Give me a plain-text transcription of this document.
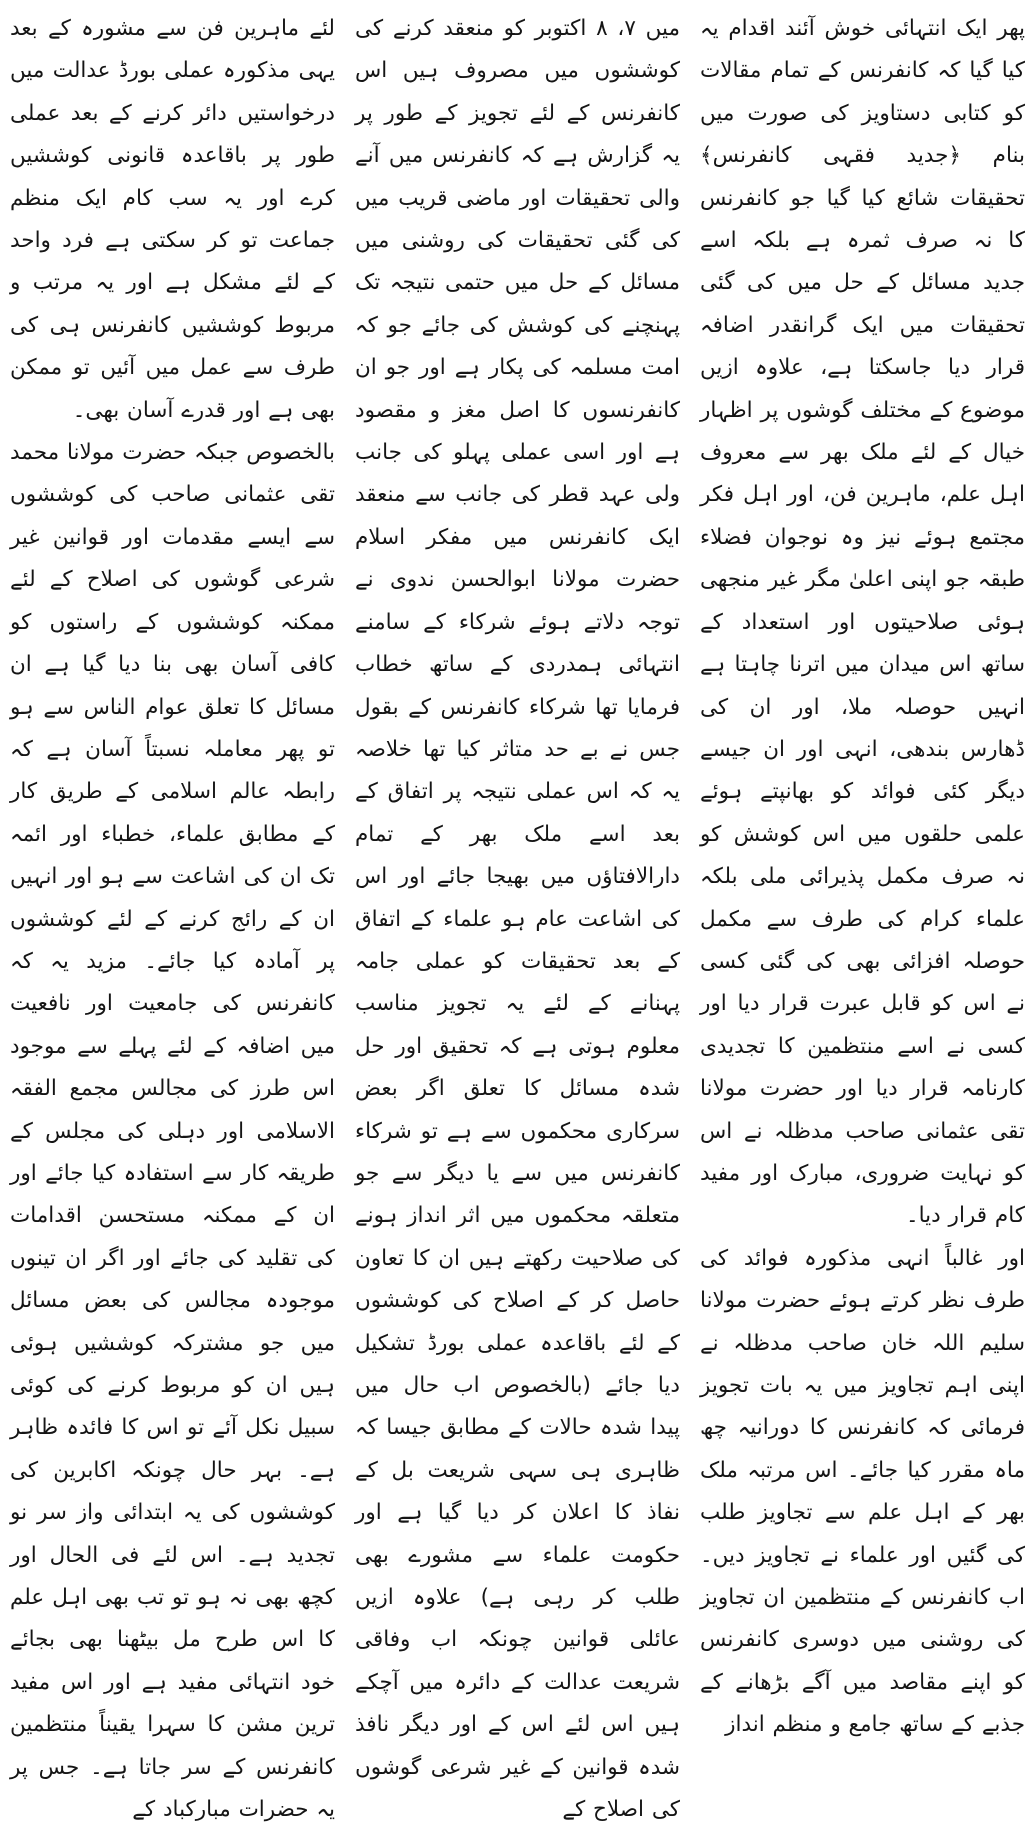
پھر ایک انتہائی خوش آئند اقدام یہ کیا گیا کہ کانفرنس کے تمام مقالات کو کتابی دستاویز کی صورت میں بنام ﴿جدید فقہی کانفرنس﴾ تحقیقات شائع کیا گیا جو کانفرنس کا نہ صرف ثمرہ ہے بلکہ اسے جدید مسائل کے حل میں کی گئی تحقیقات میں ایک گرانقدر اضافہ قرار دیا جاسکتا ہے، علاوہ ازیں موضوع کے مختلف گوشوں پر اظہار خیال کے لئے ملک بھر سے معروف اہل علم، ماہرین فن، اور اہل فکر مجتمع ہوئے نیز وہ نوجوان فضلاء طبقہ جو اپنی اعلیٰ مگر غیر منجھی ہوئی صلاحیتوں اور استعداد کے ساتھ اس میدان میں اترنا چاہتا ہے انہیں حوصلہ ملا، اور ان کی ڈھارس بندھی، انہی اور ان جیسے دیگر کئی فوائد کو بھانپتے ہوئے علمی حلقوں میں اس کوشش کو نہ صرف مکمل پذیرائی ملی بلکہ علماء کرام کی طرف سے مکمل حوصلہ افزائی بھی کی گئی کسی نے اس کو قابل عبرت قرار دیا اور کسی نے اسے منتظمین کا تجدیدی کارنامہ قرار دیا اور حضرت مولانا تقی عثمانی صاحب مدظلہ نے اس کو نہایت ضروری، مبارک اور مفید کام قرار دیا۔

اور غالباً انہی مذکورہ فوائد کی طرف نظر کرتے ہوئے حضرت مولانا سلیم اللہ خان صاحب مدظلہ نے اپنی اہم تجاویز میں یہ بات تجویز فرمائی کہ کانفرنس کا دورانیہ چھ ماہ مقرر کیا جائے۔ اس مرتبہ ملک بھر کے اہل علم سے تجاویز طلب کی گئیں اور علماء نے تجاویز دیں۔ اب کانفرنس کے منتظمین ان تجاویز کی روشنی میں دوسری کانفرنس کو اپنے مقاصد میں آگے بڑھانے کے جذبے کے ساتھ جامع و منظم انداز

میں ۷، ۸ اکتوبر کو منعقد کرنے کی کوششوں میں مصروف ہیں اس کانفرنس کے لئے تجویز کے طور پر یہ گزارش ہے کہ کانفرنس میں آنے والی تحقیقات اور ماضی قریب میں کی گئی تحقیقات کی روشنی میں مسائل کے حل میں حتمی نتیجہ تک پہنچنے کی کوشش کی جائے جو کہ امت مسلمہ کی پکار ہے اور جو ان کانفرنسوں کا اصل مغز و مقصود ہے اور اسی عملی پہلو کی جانب ولی عہد قطر کی جانب سے منعقد ایک کانفرنس میں مفکر اسلام حضرت مولانا ابوالحسن ندوی نے توجہ دلاتے ہوئے شرکاء کے سامنے انتہائی ہمدردی کے ساتھ خطاب فرمایا تھا شرکاء کانفرنس کے بقول جس نے بے حد متاثر کیا تھا خلاصہ یہ کہ اس عملی نتیجہ پر اتفاق کے بعد اسے ملک بھر کے تمام دارالافتاؤں میں بھیجا جائے اور اس کی اشاعت عام ہو علماء کے اتفاق کے بعد تحقیقات کو عملی جامہ پہنانے کے لئے یہ تجویز مناسب معلوم ہوتی ہے کہ تحقیق اور حل شدہ مسائل کا تعلق اگر بعض سرکاری محکموں سے ہے تو شرکاء کانفرنس میں سے یا دیگر سے جو متعلقہ محکموں میں اثر انداز ہونے کی صلاحیت رکھتے ہیں ان کا تعاون حاصل کر کے اصلاح کی کوششوں کے لئے باقاعدہ عملی بورڈ تشکیل دیا جائے (بالخصوص اب حال میں پیدا شدہ حالات کے مطابق جیسا کہ ظاہری ہی سہی شریعت بل کے نفاذ کا اعلان کر دیا گیا ہے اور حکومت علماء سے مشورے بھی طلب کر رہی ہے) علاوہ ازیں عائلی قوانین چونکہ اب وفاقی شریعت عدالت کے دائرہ میں آچکے ہیں اس لئے اس کے اور دیگر نافذ شدہ قوانین کے غیر شرعی گوشوں کی اصلاح کے

لئے ماہرین فن سے مشورہ کے بعد یہی مذکورہ عملی بورڈ عدالت میں درخواستیں دائر کرنے کے بعد عملی طور پر باقاعدہ قانونی کوششیں کرے اور یہ سب کام ایک منظم جماعت تو کر سکتی ہے فرد واحد کے لئے مشکل ہے اور یہ مرتب و مربوط کوششیں کانفرنس ہی کی طرف سے عمل میں آئیں تو ممکن بھی ہے اور قدرے آسان بھی۔

بالخصوص جبکہ حضرت مولانا محمد تقی عثمانی صاحب کی کوششوں سے ایسے مقدمات اور قوانین غیر شرعی گوشوں کی اصلاح کے لئے ممکنہ کوششوں کے راستوں کو کافی آسان بھی بنا دیا گیا ہے ان مسائل کا تعلق عوام الناس سے ہو تو پھر معاملہ نسبتاً آسان ہے کہ رابطہ عالم اسلامی کے طریق کار کے مطابق علماء، خطباء اور ائمہ تک ان کی اشاعت سے ہو اور انہیں ان کے رائج کرنے کے لئے کوششوں پر آمادہ کیا جائے۔ مزید یہ کہ کانفرنس کی جامعیت اور نافعیت میں اضافہ کے لئے پہلے سے موجود اس طرز کی مجالس مجمع الفقہ الاسلامی اور دہلی کی مجلس کے طریقہ کار سے استفادہ کیا جائے اور ان کے ممکنہ مستحسن اقدامات کی تقلید کی جائے اور اگر ان تینوں موجودہ مجالس کی بعض مسائل میں جو مشترکہ کوششیں ہوئی ہیں ان کو مربوط کرنے کی کوئی سبیل نکل آئے تو اس کا فائدہ ظاہر ہے۔ بہر حال چونکہ اکابرین کی کوششوں کی یہ ابتدائی واز سر نو تجدید ہے۔ اس لئے فی الحال اور کچھ بھی نہ ہو تو تب بھی اہل علم کا اس طرح مل بیٹھنا بھی بجائے خود انتہائی مفید ہے اور اس مفید ترین مشن کا سہرا یقیناً منتظمین کانفرنس کے سر جاتا ہے۔ جس پر یہ حضرات مبارکباد کے
